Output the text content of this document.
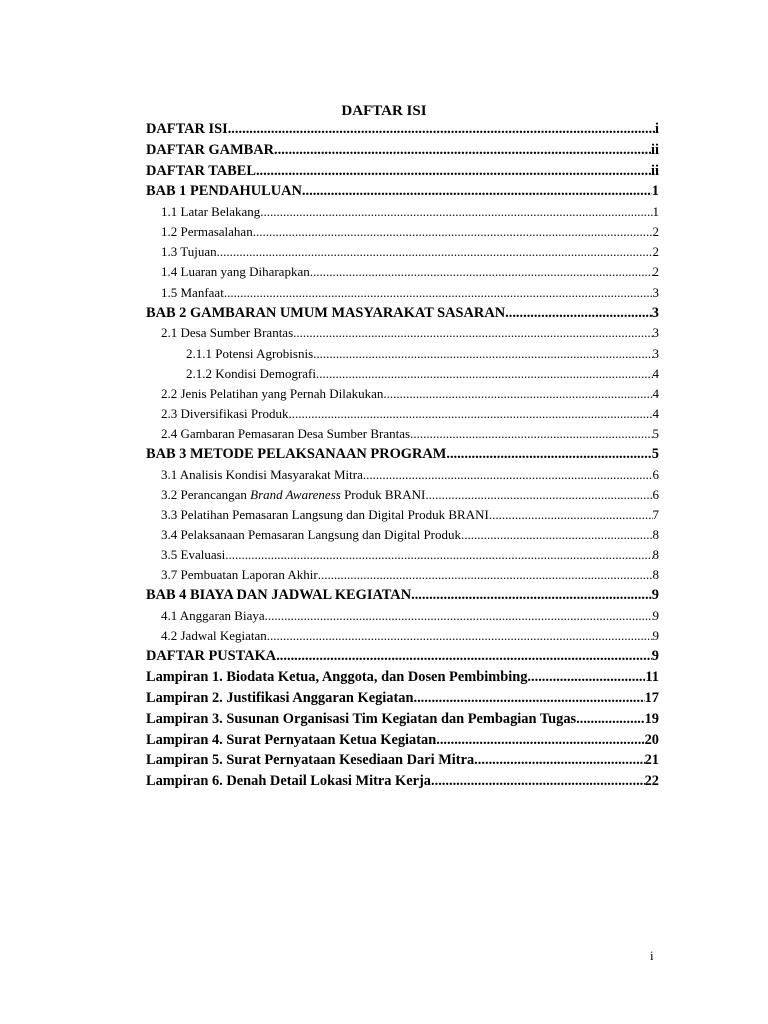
DAFTAR ISI
DAFTAR ISI .....	i
DAFTAR GAMBAR .....	ii
DAFTAR TABEL .....	ii
BAB 1 PENDAHULUAN .....	1
1.1 Latar Belakang .....	1
1.2 Permasalahan .....	2
1.3 Tujuan .....	2
1.4 Luaran yang Diharapkan .....	2
1.5 Manfaat .....	3
BAB 2 GAMBARAN UMUM MASYARAKAT SASARAN .....	3
2.1 Desa Sumber Brantas .....	3
2.1.1 Potensi Agrobisnis .....	3
2.1.2 Kondisi Demografi .....	4
2.2 Jenis Pelatihan yang Pernah Dilakukan .....	4
2.3 Diversifikasi Produk .....	4
2.4 Gambaran Pemasaran Desa Sumber Brantas .....	5
BAB 3 METODE PELAKSANAAN PROGRAM .....	5
3.1 Analisis Kondisi Masyarakat Mitra .....	6
3.2 Perancangan Brand Awareness Produk BRANI .....	6
3.3 Pelatihan Pemasaran Langsung dan Digital Produk BRANI .....	7
3.4 Pelaksanaan Pemasaran Langsung dan Digital Produk .....	8
3.5 Evaluasi .....	8
3.7 Pembuatan Laporan Akhir .....	8
BAB 4 BIAYA DAN JADWAL KEGIATAN .....	9
4.1 Anggaran Biaya .....	9
4.2 Jadwal Kegiatan .....	9
DAFTAR PUSTAKA .....	9
Lampiran 1. Biodata Ketua, Anggota, dan Dosen Pembimbing .....	11
Lampiran 2. Justifikasi Anggaran Kegiatan .....	17
Lampiran 3. Susunan Organisasi Tim Kegiatan dan Pembagian Tugas .....	19
Lampiran 4. Surat Pernyataan Ketua Kegiatan .....	20
Lampiran 5. Surat Pernyataan Kesediaan Dari Mitra .....	21
Lampiran 6. Denah Detail Lokasi Mitra Kerja .....	22
i
